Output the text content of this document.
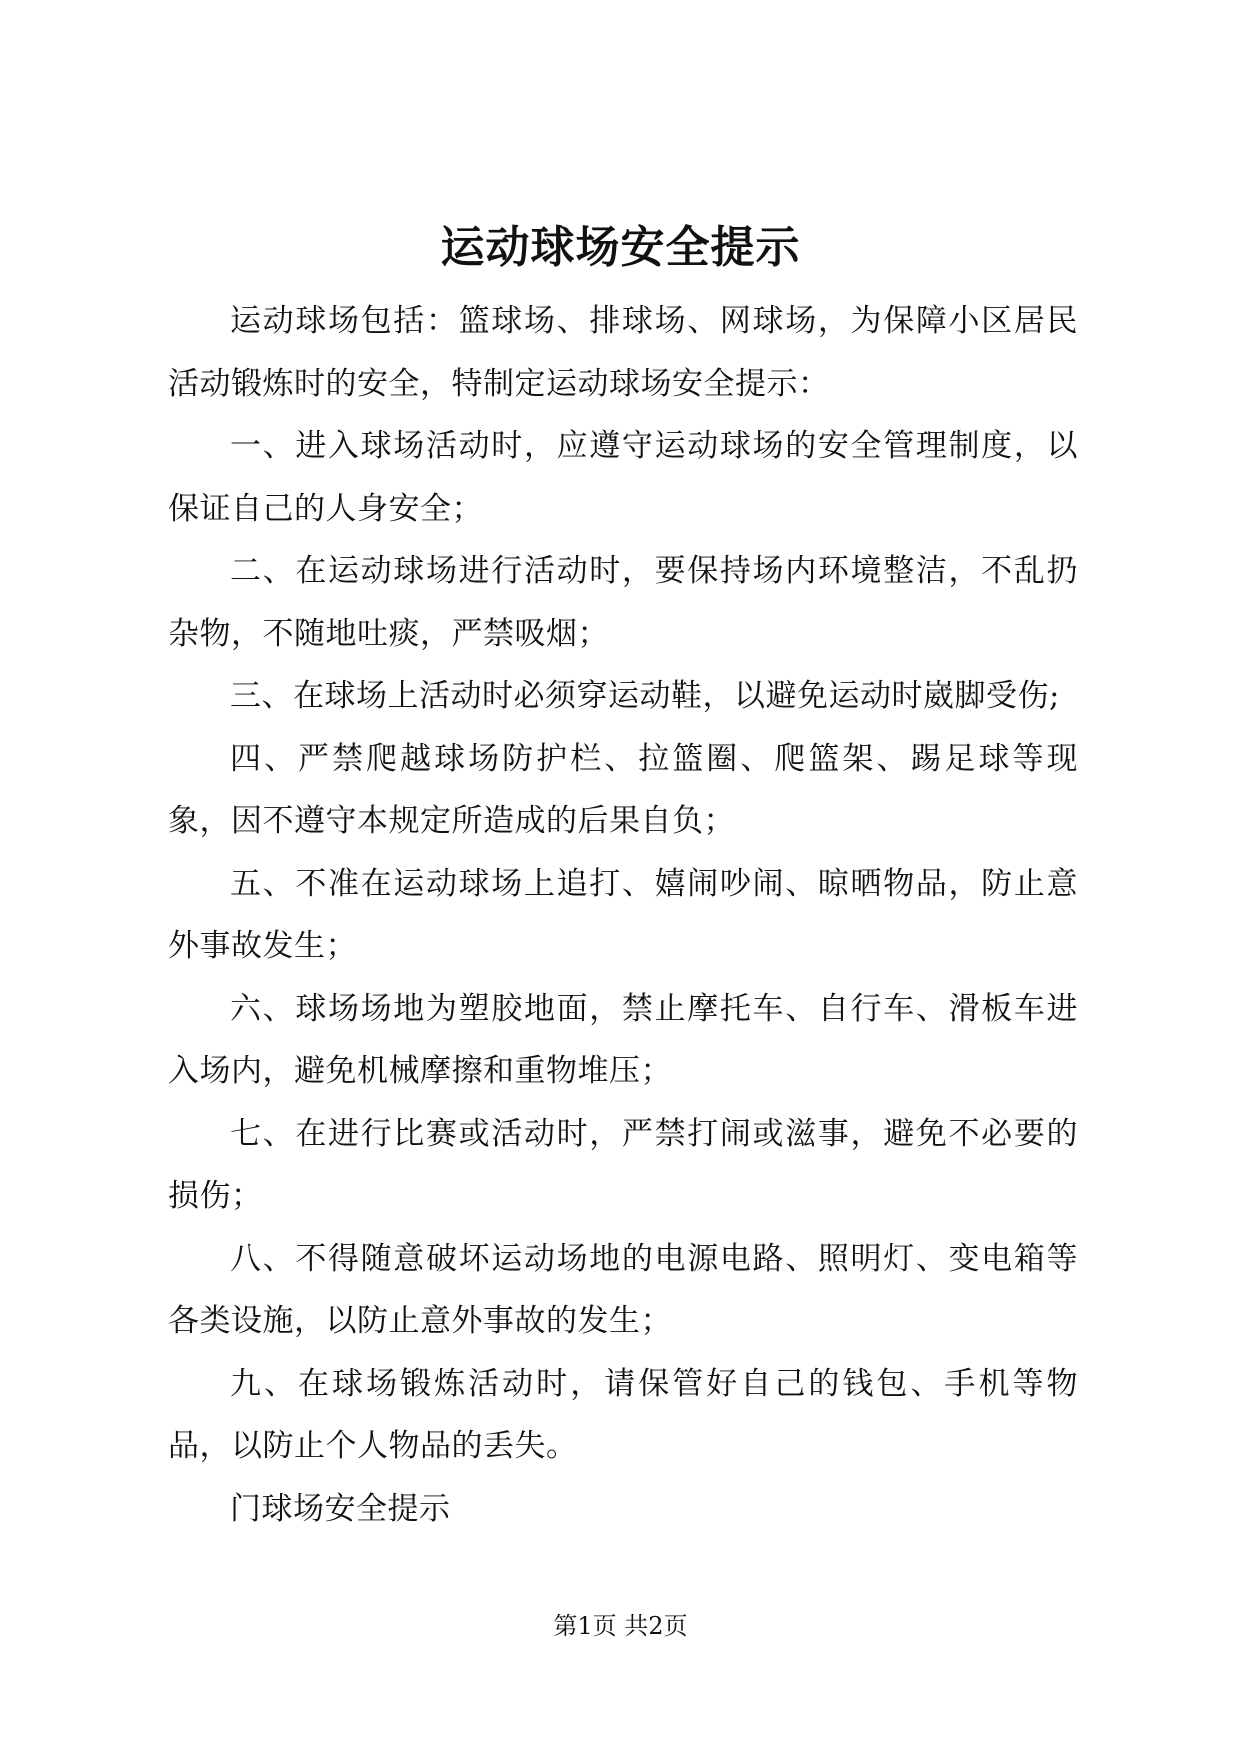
运动球场安全提示

运动球场包括：篮球场、排球场、网球场，为保障小区居民活动锻炼时的安全，特制定运动球场安全提示：

一、进入球场活动时，应遵守运动球场的安全管理制度，以保证自己的人身安全；

二、在运动球场进行活动时，要保持场内环境整洁，不乱扔杂物，不随地吐痰，严禁吸烟；

三、在球场上活动时必须穿运动鞋，以避免运动时崴脚受伤;

四、严禁爬越球场防护栏、拉篮圈、爬篮架、踢足球等现象，因不遵守本规定所造成的后果自负；

五、不准在运动球场上追打、嬉闹吵闹、晾晒物品，防止意外事故发生；

六、球场场地为塑胶地面，禁止摩托车、自行车、滑板车进入场内，避免机械摩擦和重物堆压；

七、在进行比赛或活动时，严禁打闹或滋事，避免不必要的损伤；

八、不得随意破坏运动场地的电源电路、照明灯、变电箱等各类设施，以防止意外事故的发生；

九、在球场锻炼活动时，请保管好自己的钱包、手机等物品，以防止个人物品的丢失。

门球场安全提示

第1页 共2页
